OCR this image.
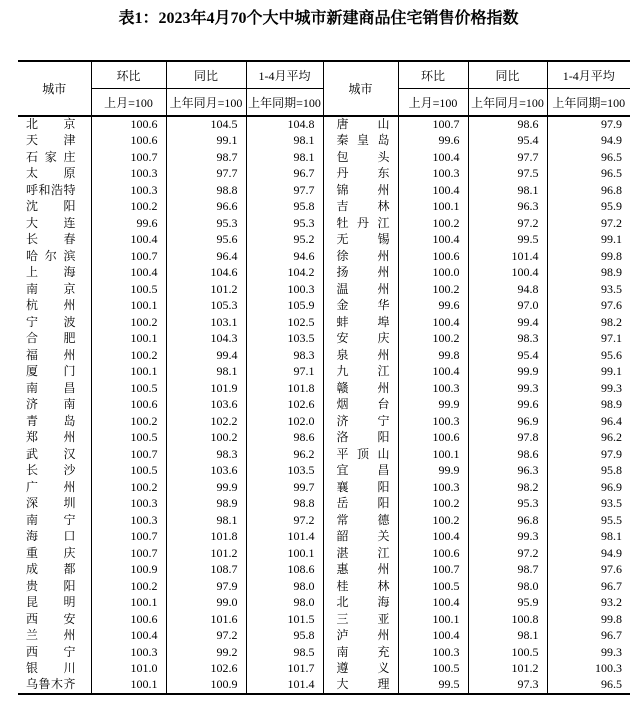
表1：2023年4月70个大中城市新建商品住宅销售价格指数
城市	环比	同比	1-4月平均	城市	环比	同比	1-4月平均
	上月=100	上年同月=100	上年同期=100		上月=100	上年同月=100	上年同期=100

北 京	100.6	104.5	104.8	唐 山	100.7	98.6	97.9

天 津	100.6	99.1	98.1	秦 皇 岛	99.6	95.4	94.9

石 家 庄	100.7	98.7	98.1	包 头	100.4	97.7	96.5

太 原	100.3	97.7	96.7	丹 东	100.3	97.5	96.5

呼 和 浩 特	100.3	98.8	97.7	锦 州	100.4	98.1	96.8

沈 阳	100.2	96.6	95.8	吉 林	100.1	96.3	95.9

大 连	99.6	95.3	95.3	牡 丹 江	100.2	97.2	97.2

长 春	100.4	95.6	95.2	无 锡	100.4	99.5	99.1

哈 尔 滨	100.7	96.4	94.6	徐 州	100.6	101.4	99.8

上 海	100.4	104.6	104.2	扬 州	100.0	100.4	98.9

南 京	100.5	101.2	100.3	温 州	100.2	94.8	93.5

杭 州	100.1	105.3	105.9	金 华	99.6	97.0	97.6

宁 波	100.2	103.1	102.5	蚌 埠	100.4	99.4	98.2

合 肥	100.1	104.3	103.5	安 庆	100.2	98.3	97.1

福 州	100.2	99.4	98.3	泉 州	99.8	95.4	95.6

厦 门	100.1	98.1	97.1	九 江	100.4	99.9	99.1

南 昌	100.5	101.9	101.8	赣 州	100.3	99.3	99.3

济 南	100.6	103.6	102.6	烟 台	99.9	99.6	98.9

青 岛	100.2	102.2	102.0	济 宁	100.3	96.9	96.4

郑 州	100.5	100.2	98.6	洛 阳	100.6	97.8	96.2

武 汉	100.7	98.3	96.2	平 顶 山	100.1	98.6	97.9

长 沙	100.5	103.6	103.5	宜 昌	99.9	96.3	95.8

广 州	100.2	99.9	99.7	襄 阳	100.3	98.2	96.9

深 圳	100.3	98.9	98.8	岳 阳	100.2	95.3	93.5

南 宁	100.3	98.1	97.2	常 德	100.2	96.8	95.5

海 口	100.7	101.8	101.4	韶 关	100.4	99.3	98.1

重 庆	100.7	101.2	100.1	湛 江	100.6	97.2	94.9

成 都	100.9	108.7	108.6	惠 州	100.7	98.7	97.6

贵 阳	100.2	97.9	98.0	桂 林	100.5	98.0	96.7

昆 明	100.1	99.0	98.0	北 海	100.4	95.9	93.2

西 安	100.6	101.6	101.5	三 亚	100.1	100.8	99.8

兰 州	100.4	97.2	95.8	泸 州	100.4	98.1	96.7

西 宁	100.3	99.2	98.5	南 充	100.3	100.5	99.3

银 川	101.0	102.6	101.7	遵 义	100.5	101.2	100.3

乌 鲁 木 齐	100.1	100.9	101.4	大 理	99.5	97.3	96.5
